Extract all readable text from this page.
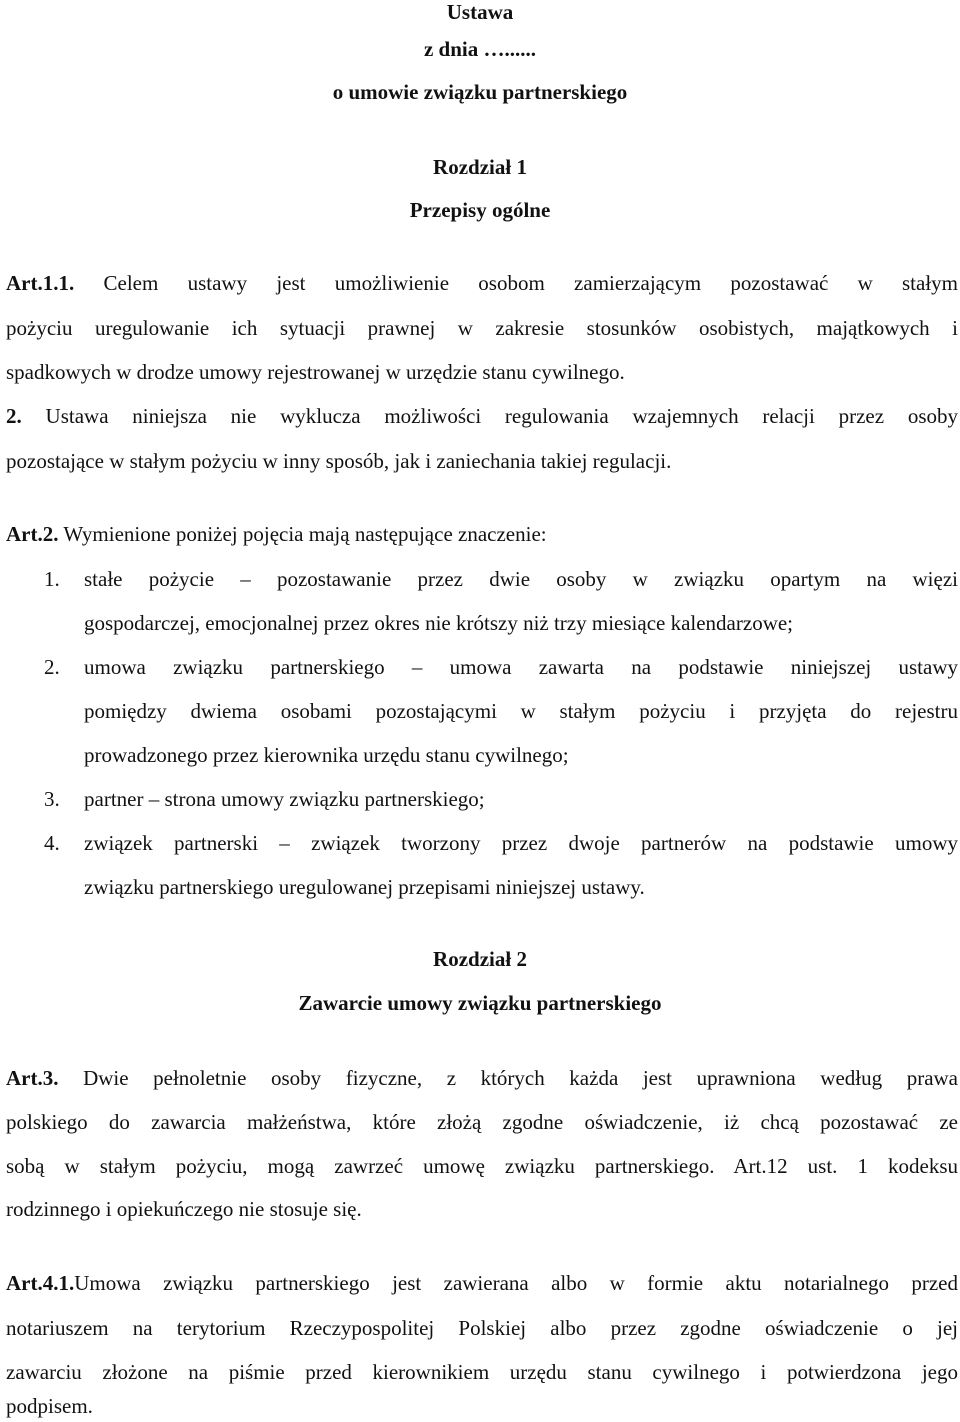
Ustawa
z dnia …......
o umowie związku partnerskiego
Rozdział 1
Przepisy ogólne
Art.1.1. Celem ustawy jest umożliwienie osobom zamierzającym pozostawać w stałym
pożyciu uregulowanie ich sytuacji prawnej w zakresie stosunków osobistych, majątkowych i
spadkowych w drodze umowy rejestrowanej w urzędzie stanu cywilnego.
2. Ustawa niniejsza nie wyklucza możliwości regulowania wzajemnych relacji przez osoby
pozostające w stałym pożyciu w inny sposób, jak i zaniechania takiej regulacji.
Art.2. Wymienione poniżej pojęcia mają następujące znaczenie:
1. stałe pożycie – pozostawanie przez dwie osoby w związku opartym na więzi
gospodarczej, emocjonalnej przez okres nie krótszy niż trzy miesiące kalendarzowe;
2. umowa związku partnerskiego – umowa zawarta na podstawie niniejszej ustawy
pomiędzy dwiema osobami pozostającymi w stałym pożyciu i przyjęta do rejestru
prowadzonego przez kierownika urzędu stanu cywilnego;
3. partner – strona umowy związku partnerskiego;
4. związek partnerski – związek tworzony przez dwoje partnerów na podstawie umowy
związku partnerskiego uregulowanej przepisami niniejszej ustawy.
Rozdział 2
Zawarcie umowy związku partnerskiego
Art.3. Dwie pełnoletnie osoby fizyczne, z których każda jest uprawniona według prawa
polskiego do zawarcia małżeństwa, które złożą zgodne oświadczenie, iż chcą pozostawać ze
sobą w stałym pożyciu, mogą zawrzeć umowę związku partnerskiego. Art.12 ust. 1 kodeksu
rodzinnego i opiekuńczego nie stosuje się.
Art.4.1.Umowa związku partnerskiego jest zawierana albo w formie aktu notarialnego przed
notariuszem na terytorium Rzeczypospolitej Polskiej albo przez zgodne oświadczenie o jej
zawarciu złożone na piśmie przed kierownikiem urzędu stanu cywilnego i potwierdzona jego
podpisem.
